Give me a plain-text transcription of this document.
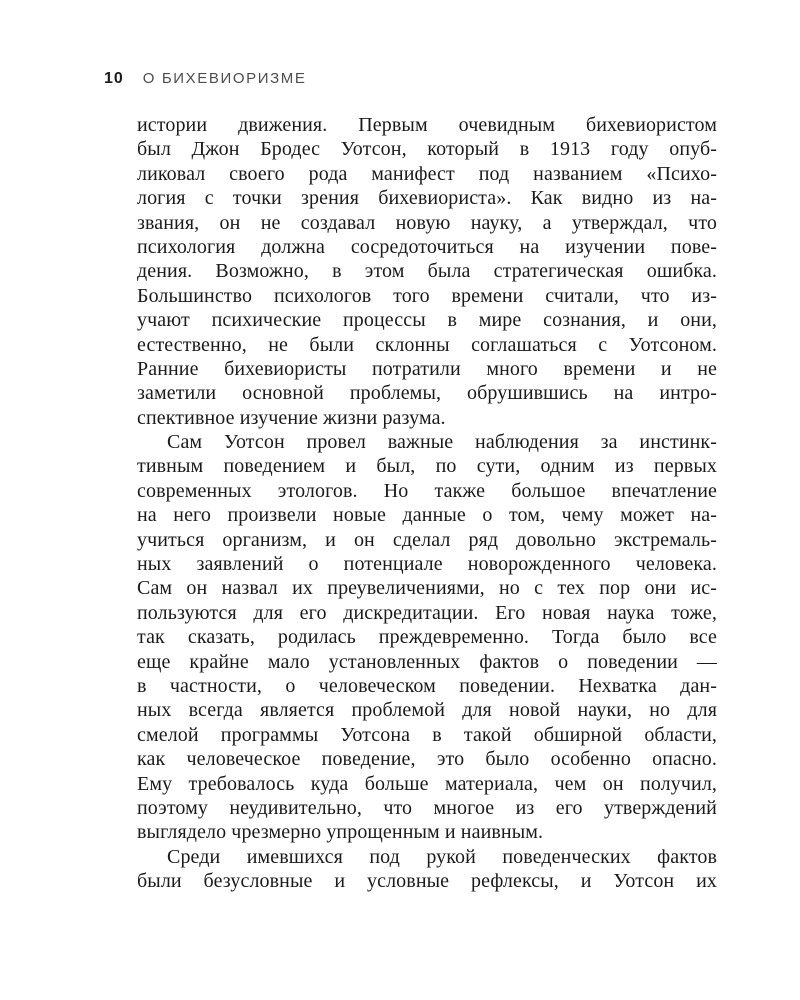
10 О БИХЕВИОРИЗМЕ
истории движения. Первым очевидным бихевиористом
был Джон Бродес Уотсон, который в 1913 году опуб-
ликовал своего рода манифест под названием «Психо-
логия с точки зрения бихевиориста». Как видно из на-
звания, он не создавал новую науку, а утверждал, что
психология должна сосредоточиться на изучении пове-
дения. Возможно, в этом была стратегическая ошибка.
Большинство психологов того времени считали, что из-
учают психические процессы в мире сознания, и они,
естественно, не были склонны соглашаться с Уотсоном.
Ранние бихевиористы потратили много времени и не
заметили основной проблемы, обрушившись на интро-
спективное изучение жизни разума.
Сам Уотсон провел важные наблюдения за инстинк-
тивным поведением и был, по сути, одним из первых
современных этологов. Но также большое впечатление
на него произвели новые данные о том, чему может на-
учиться организм, и он сделал ряд довольно экстремаль-
ных заявлений о потенциале новорожденного человека.
Сам он назвал их преувеличениями, но с тех пор они ис-
пользуются для его дискредитации. Его новая наука тоже,
так сказать, родилась преждевременно. Тогда было все
еще крайне мало установленных фактов о поведении —
в частности, о человеческом поведении. Нехватка дан-
ных всегда является проблемой для новой науки, но для
смелой программы Уотсона в такой обширной области,
как человеческое поведение, это было особенно опасно.
Ему требовалось куда больше материала, чем он получил,
поэтому неудивительно, что многое из его утверждений
выглядело чрезмерно упрощенным и наивным.
Среди имевшихся под рукой поведенческих фактов
были безусловные и условные рефлексы, и Уотсон их
